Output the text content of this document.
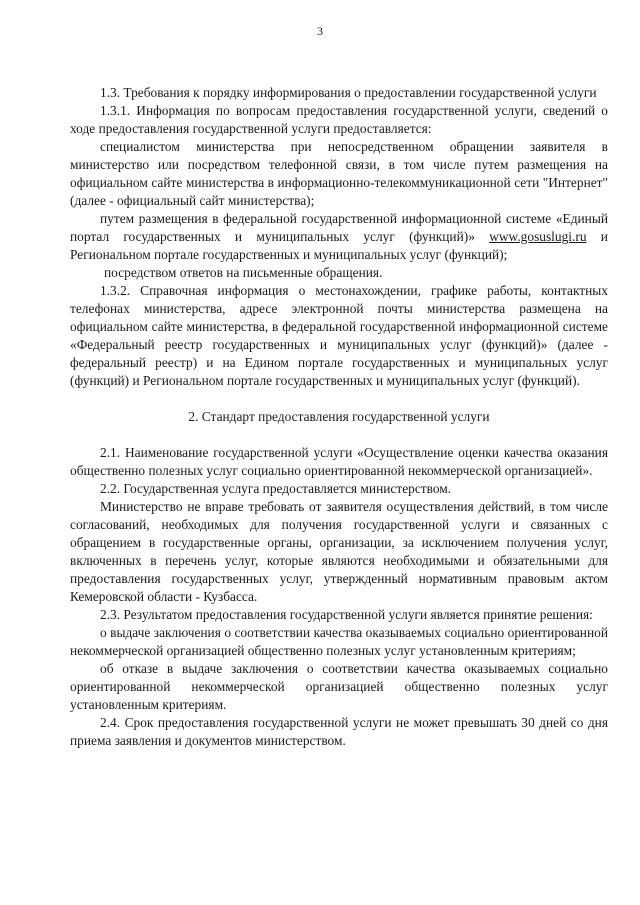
3

1.3. Требования к порядку информирования о предоставлении государственной услуги

1.3.1. Информация по вопросам предоставления государственной услуги, сведений о ходе предоставления государственной услуги предоставляется:

специалистом министерства при непосредственном обращении заявителя в министерство или посредством телефонной связи, в том числе путем размещения на официальном сайте министерства в информационно-телекоммуникационной сети "Интернет" (далее - официальный сайт министерства);

путем размещения в федеральной государственной информационной системе «Единый портал государственных и муниципальных услуг (функций)» www.gosuslugi.ru и Региональном портале государственных и муниципальных услуг (функций);

посредством ответов на письменные обращения.

1.3.2. Справочная информация о местонахождении, графике работы, контактных телефонах министерства, адресе электронной почты министерства размещена на официальном сайте министерства, в федеральной государственной информационной системе «Федеральный реестр государственных и муниципальных услуг (функций)» (далее - федеральный реестр) и на Едином портале государственных и муниципальных услуг (функций) и Региональном портале государственных и муниципальных услуг (функций).

2. Стандарт предоставления государственной услуги

2.1. Наименование государственной услуги «Осуществление оценки качества оказания общественно полезных услуг социально ориентированной некоммерческой организацией».

2.2. Государственная услуга предоставляется министерством.

Министерство не вправе требовать от заявителя осуществления действий, в том числе согласований, необходимых для получения государственной услуги и связанных с обращением в государственные органы, организации, за исключением получения услуг, включенных в перечень услуг, которые являются необходимыми и обязательными для предоставления государственных услуг, утвержденный нормативным правовым актом Кемеровской области - Кузбасса.

2.3. Результатом предоставления государственной услуги является принятие решения:

о выдаче заключения о соответствии качества оказываемых социально ориентированной некоммерческой организацией общественно полезных услуг установленным критериям;

об отказе в выдаче заключения о соответствии качества оказываемых социально ориентированной некоммерческой организацией общественно полезных услуг установленным критериям.

2.4. Срок предоставления государственной услуги не может превышать 30 дней со дня приема заявления и документов министерством.
